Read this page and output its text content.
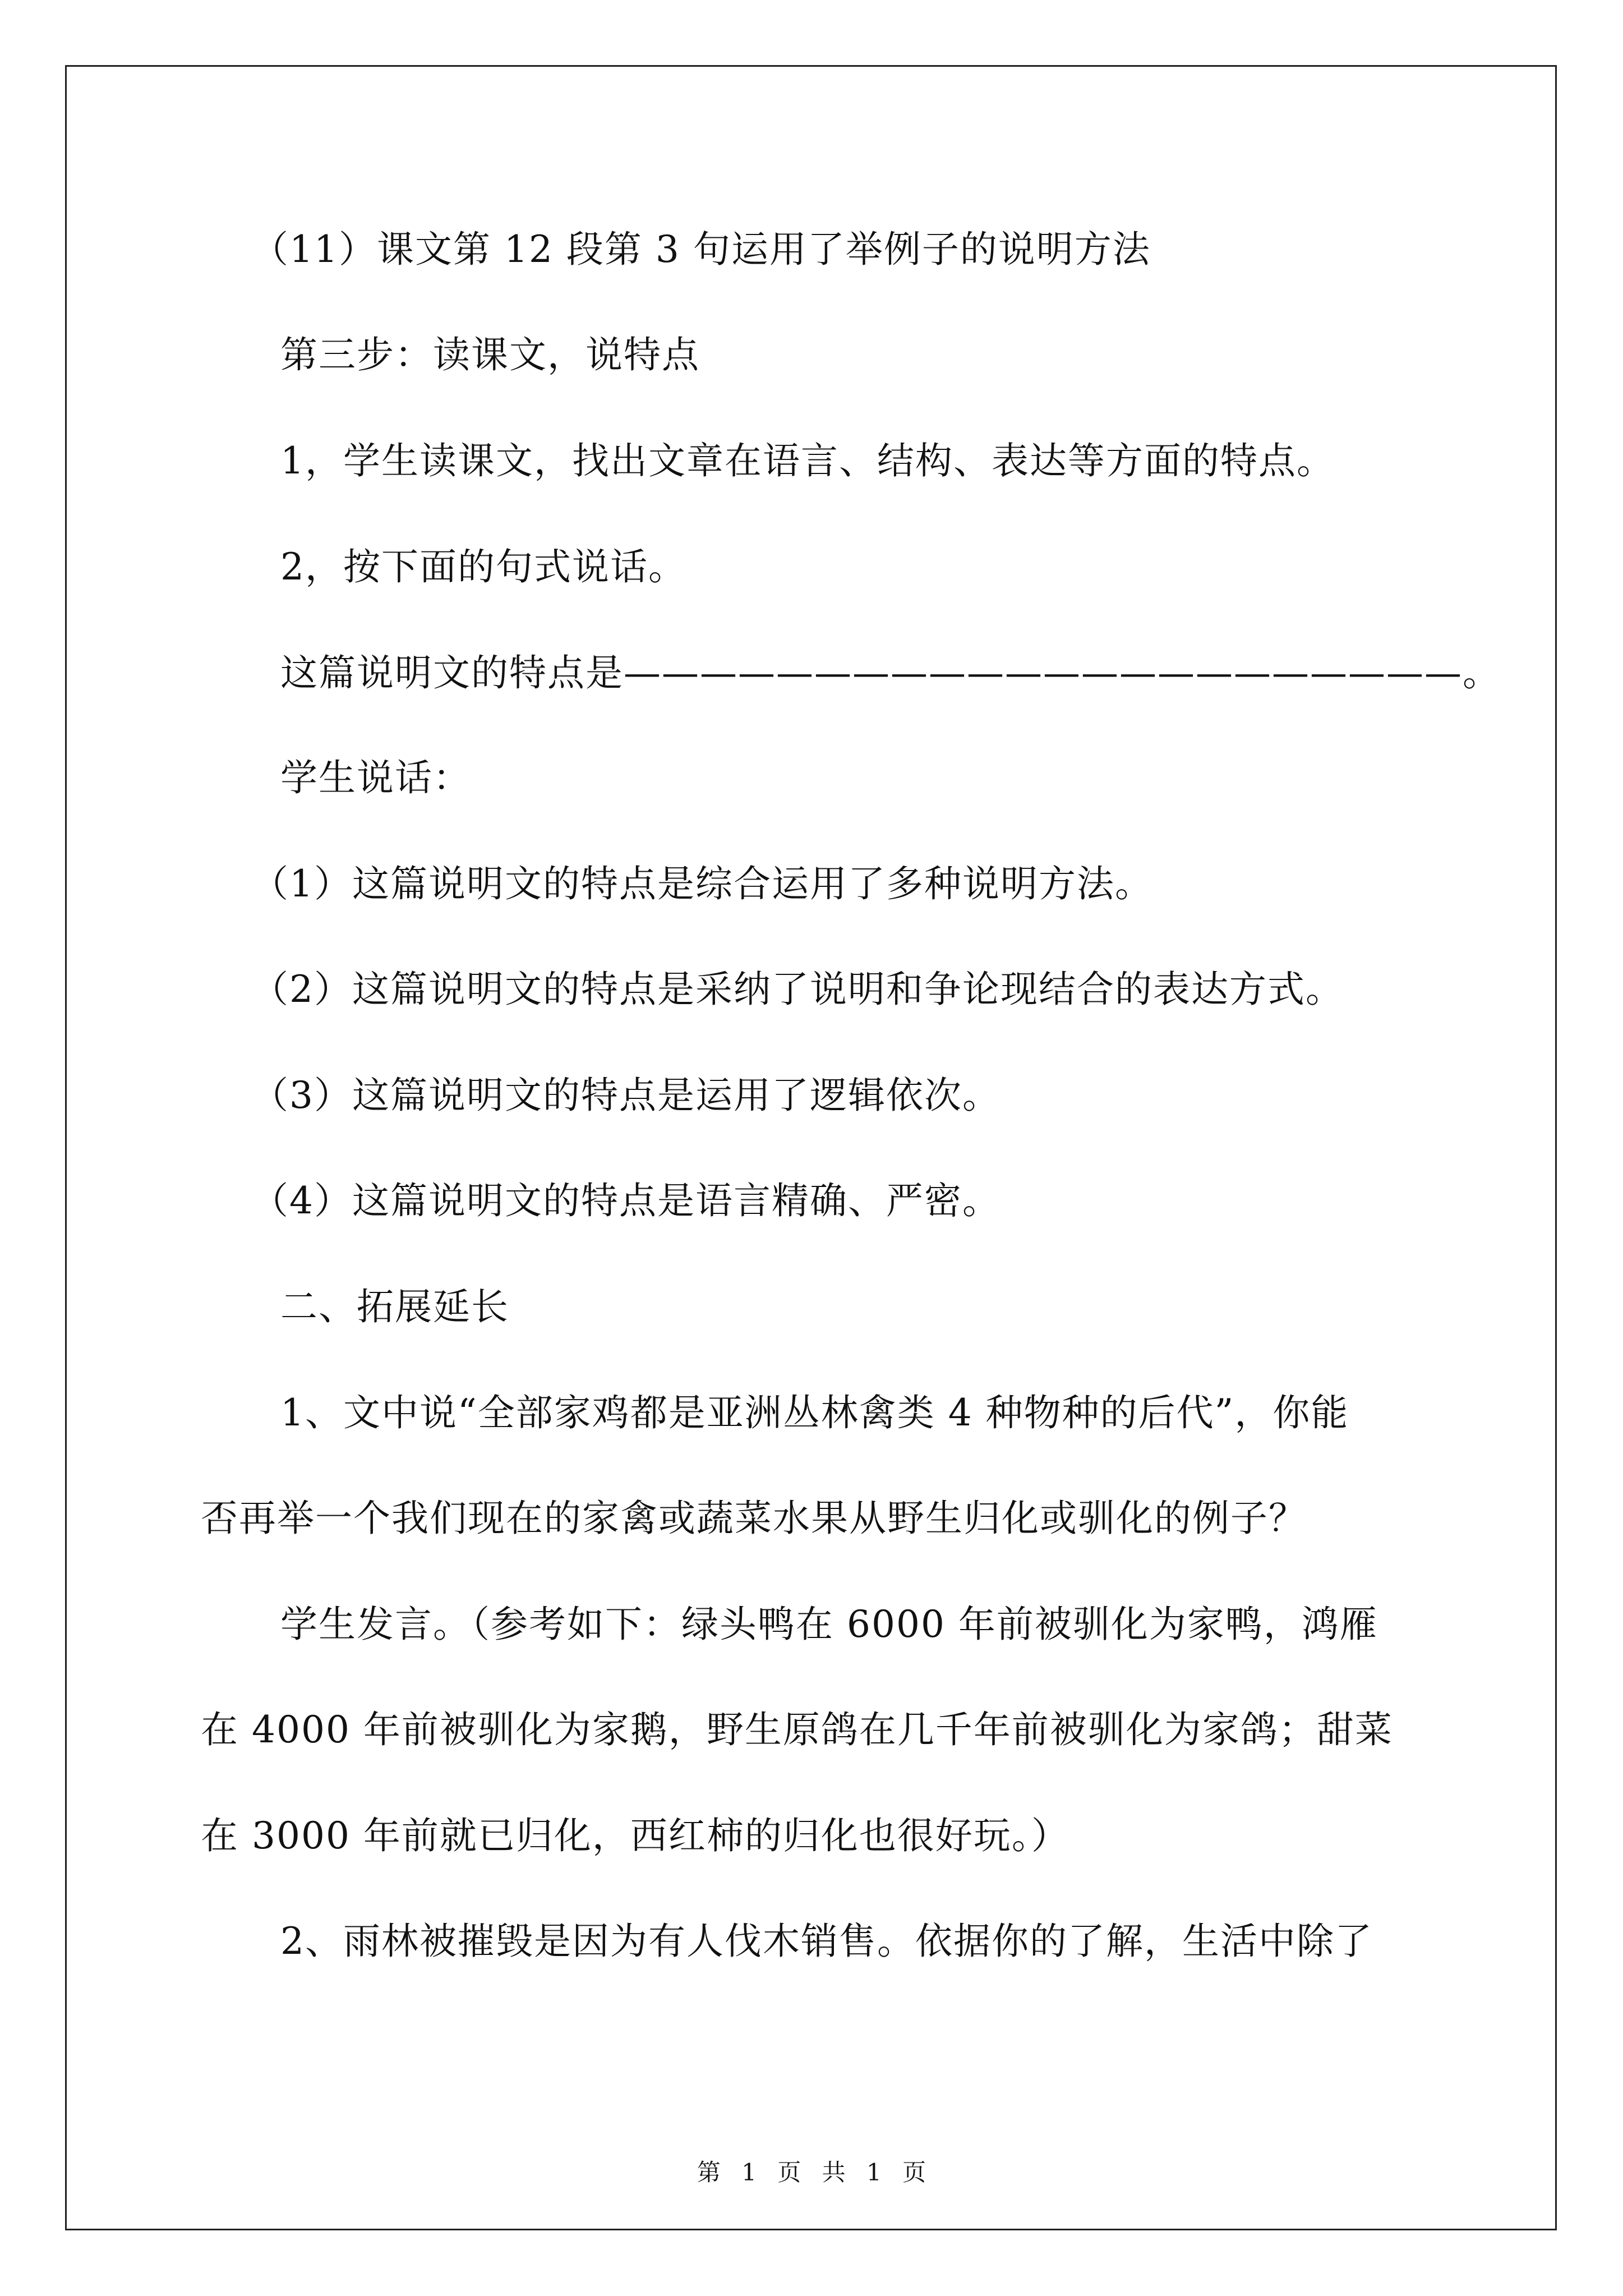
（11）课文第 12 段第 3 句运用了举例子的说明方法
第三步：读课文，说特点
1，学生读课文，找出文章在语言、结构、表达等方面的特点。
2，按下面的句式说话。
这篇说明文的特点是——————————————————————。
学生说话：
（1）这篇说明文的特点是综合运用了多种说明方法。
（2）这篇说明文的特点是采纳了说明和争论现结合的表达方式。
（3）这篇说明文的特点是运用了逻辑依次。
（4）这篇说明文的特点是语言精确、严密。
二、拓展延长
1、文中说“全部家鸡都是亚洲丛林禽类 4 种物种的后代”，你能
否再举一个我们现在的家禽或蔬菜水果从野生归化或驯化的例子？
学生发言。（参考如下：绿头鸭在 6000 年前被驯化为家鸭，鸿雁
在 4000 年前被驯化为家鹅，野生原鸽在几千年前被驯化为家鸽；甜菜
在 3000 年前就已归化，西红柿的归化也很好玩。）
2、雨林被摧毁是因为有人伐木销售。依据你的了解，生活中除了
第 1 页 共 1 页
